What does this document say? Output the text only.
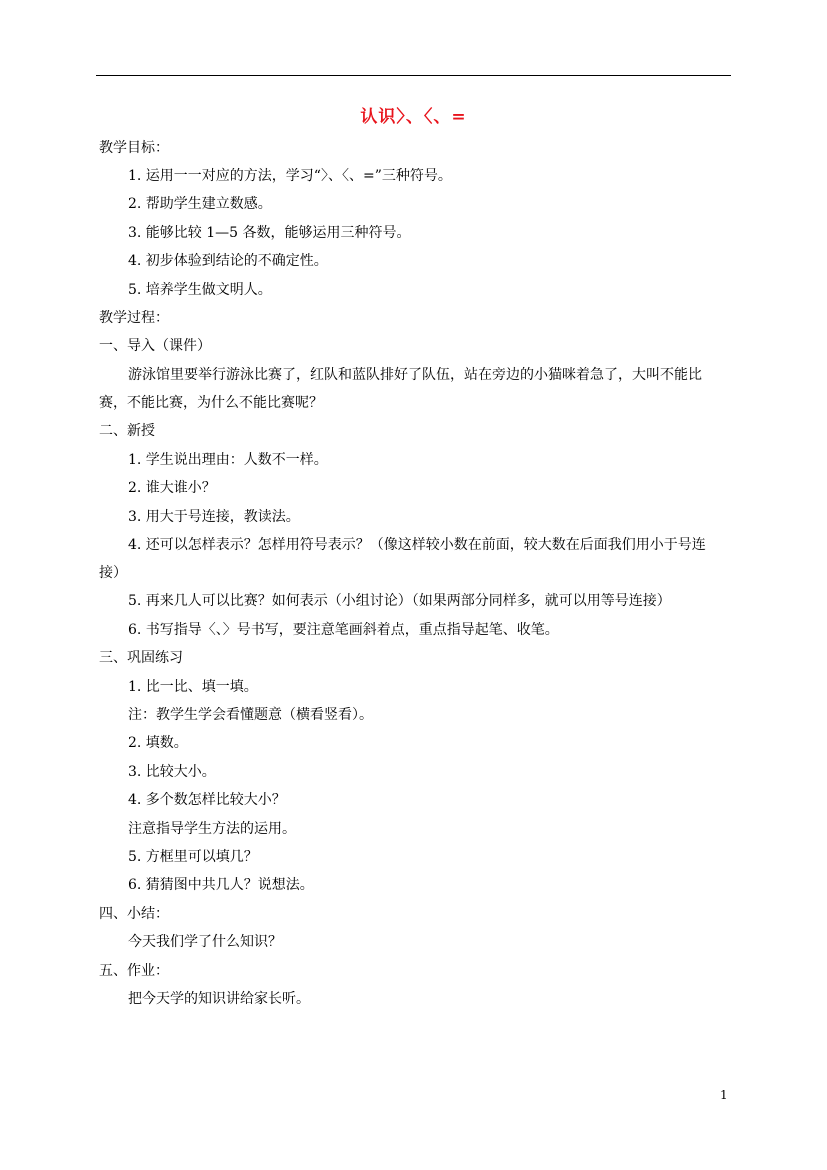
认识〉、〈、=
教学目标：
1. 运用一一对应的方法，学习“〉、〈、=”三种符号。
2. 帮助学生建立数感。
3. 能够比较 1—5 各数，能够运用三种符号。
4. 初步体验到结论的不确定性。
5. 培养学生做文明人。
教学过程：
一、导入（课件）
游泳馆里要举行游泳比赛了，红队和蓝队排好了队伍，站在旁边的小猫咪着急了，大叫不能比
赛，不能比赛，为什么不能比赛呢？
二、新授
1. 学生说出理由：人数不一样。
2. 谁大谁小？
3. 用大于号连接，教读法。
4. 还可以怎样表示？怎样用符号表示？（像这样较小数在前面，较大数在后面我们用小于号连
接）
5. 再来几人可以比赛？如何表示（小组讨论）（如果两部分同样多，就可以用等号连接）
6. 书写指导〈、〉号书写，要注意笔画斜着点，重点指导起笔、收笔。
三、巩固练习
1. 比一比、填一填。
注：教学生学会看懂题意（横看竖看）。
2. 填数。
3. 比较大小。
4. 多个数怎样比较大小？
注意指导学生方法的运用。
5. 方框里可以填几？
6. 猜猜图中共几人？说想法。
四、小结：
今天我们学了什么知识？
五、作业：
把今天学的知识讲给家长听。
1
